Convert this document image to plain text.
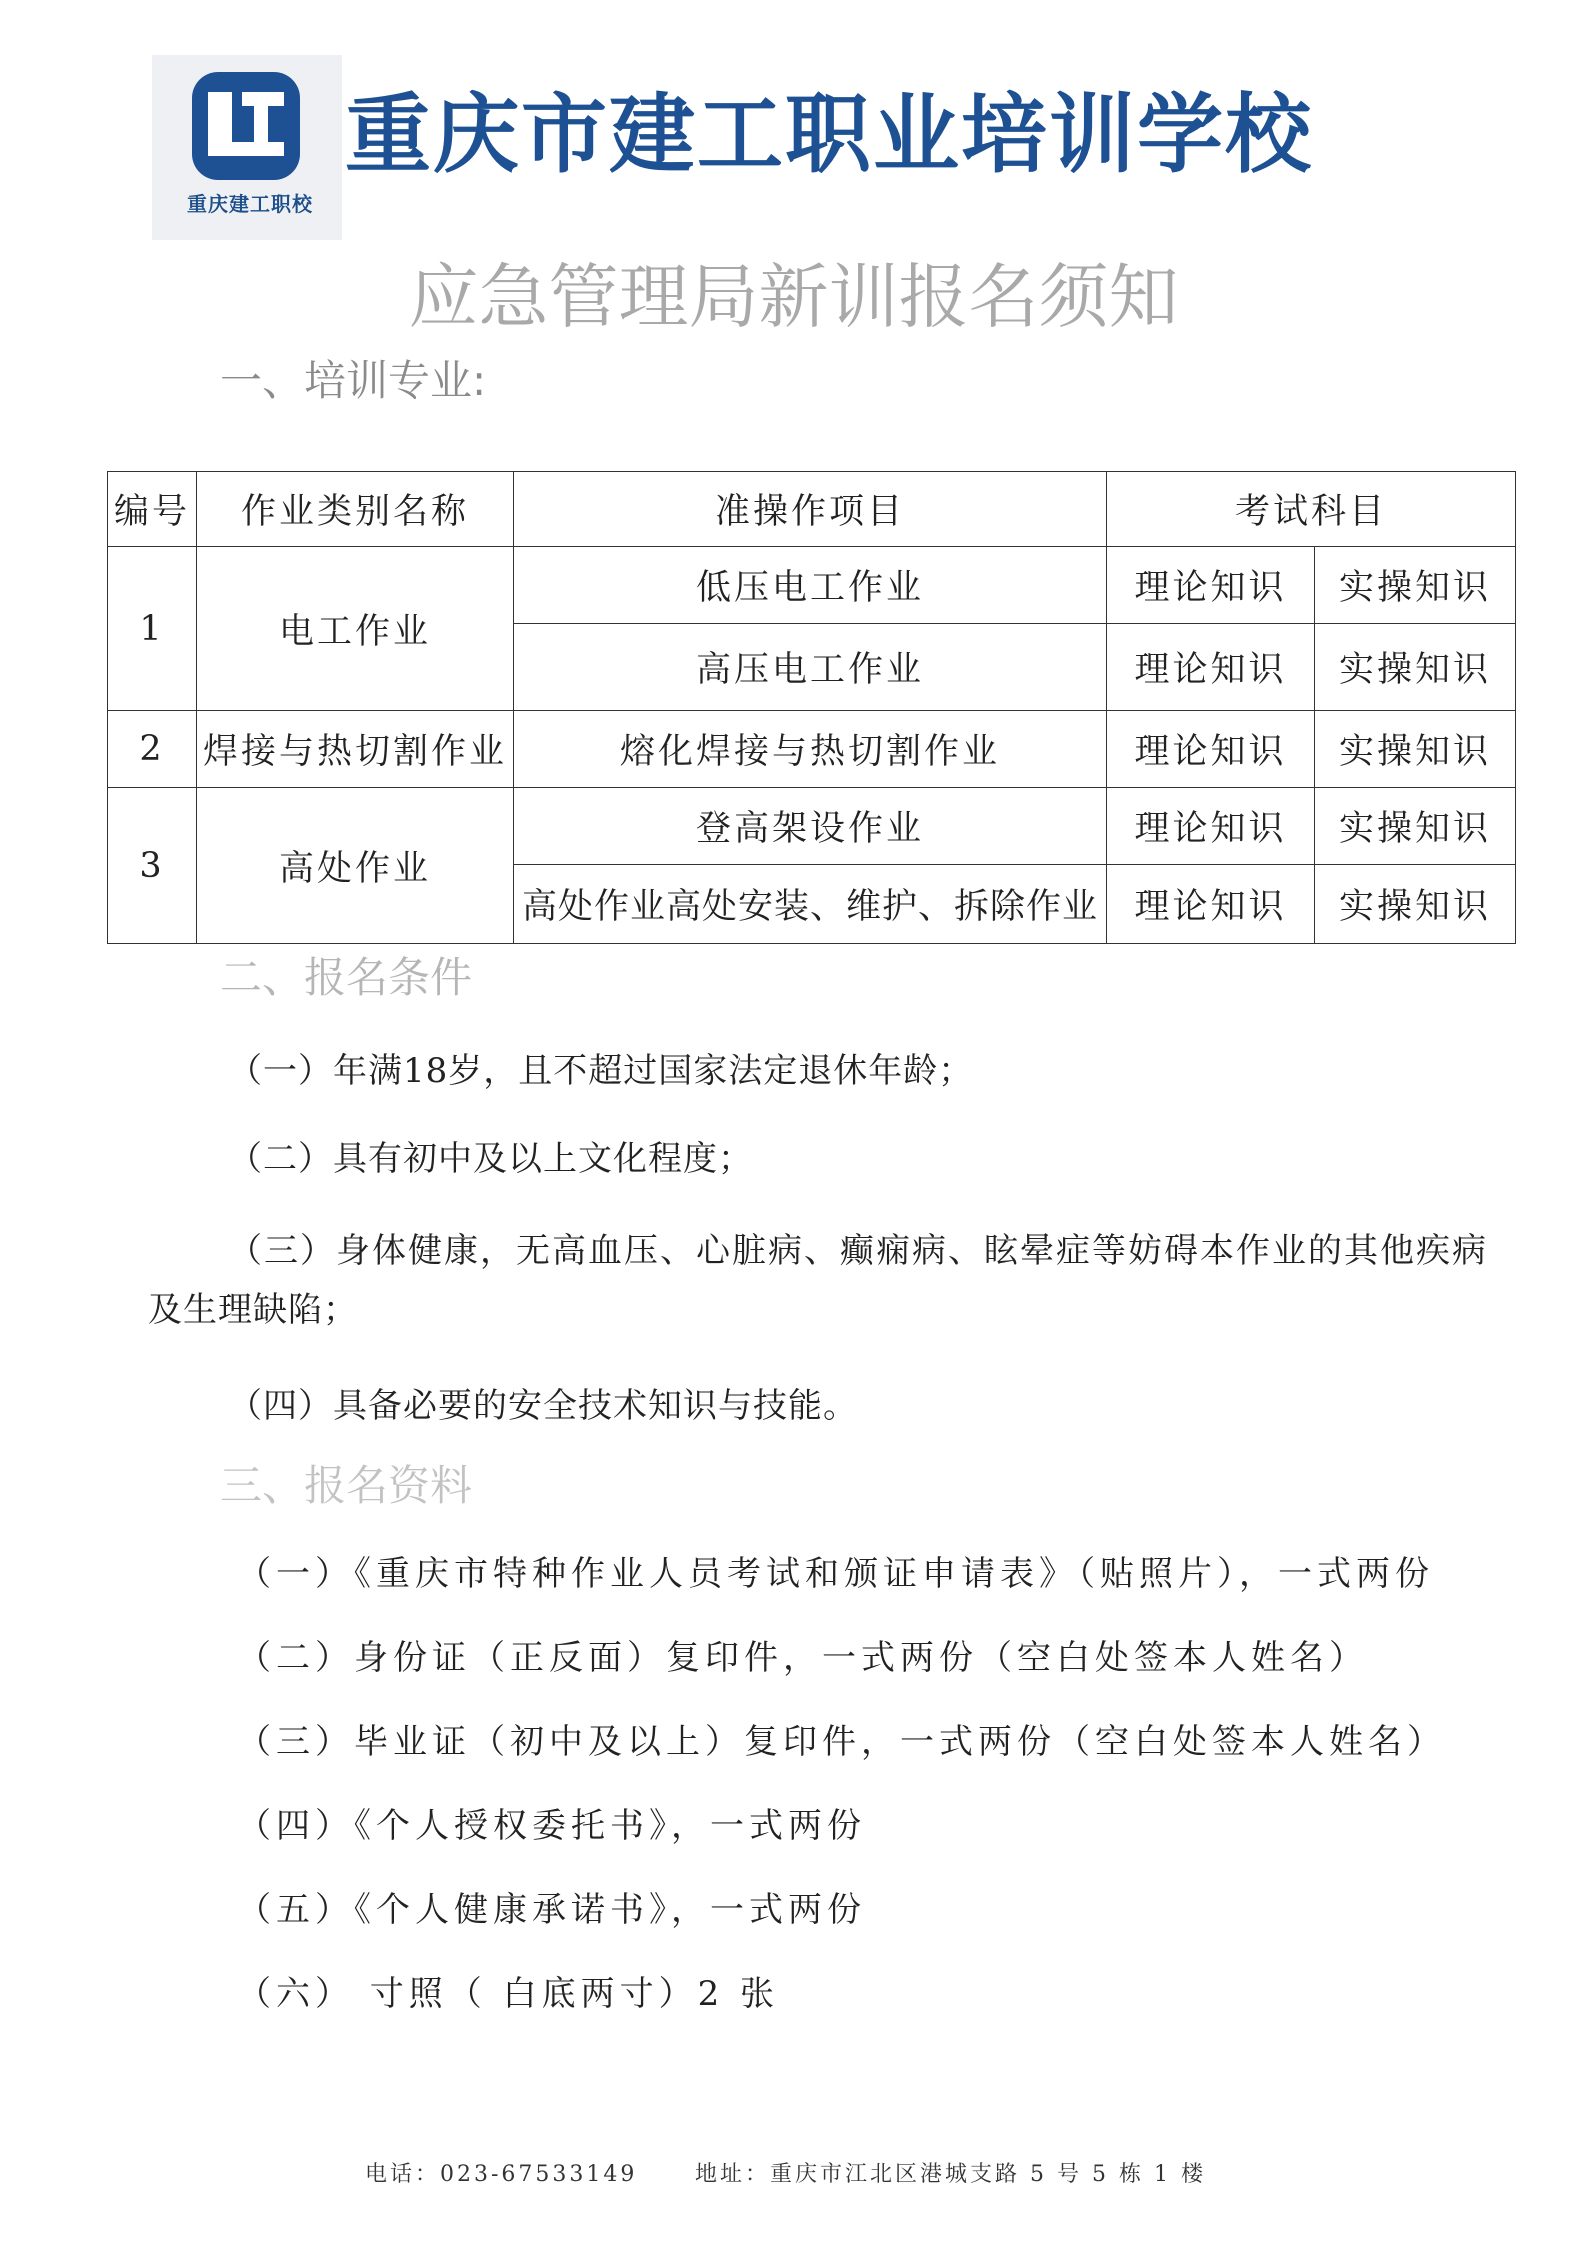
重庆建工职校
重庆市建工职业培训学校
应急管理局新训报名须知
一、培训专业:
编号	作业类别名称	准操作项目	考试科目	
1	电工作业	低压电工作业	理论知识	实操知识
		高压电工作业	理论知识	实操知识
2	焊接与热切割作业	熔化焊接与热切割作业	理论知识	实操知识
3	高处作业	登高架设作业	理论知识	实操知识
		高处作业高处安装、维护、拆除作业	理论知识	实操知识
二、报名条件
（一）年满18岁，且不超过国家法定退休年龄；
（二）具有初中及以上文化程度；
（三）身体健康，无高血压、心脏病、癫痫病、眩晕症等妨碍本作业的其他疾病
及生理缺陷；
（四）具备必要的安全技术知识与技能。
三、报名资料
（一）《重庆市特种作业人员考试和颁证申请表》（贴照片），一式两份
（二）身份证（正反面）复印件，一式两份（空白处签本人姓名）
（三）毕业证（初中及以上）复印件，一式两份（空白处签本人姓名）
（四）《个人授权委托书》，一式两份
（五）《个人健康承诺书》，一式两份
（六） 寸照（ 白底两寸）2 张
电话：023-67533149	地址：重庆市江北区港城支路 5 号 5 栋 1 楼
